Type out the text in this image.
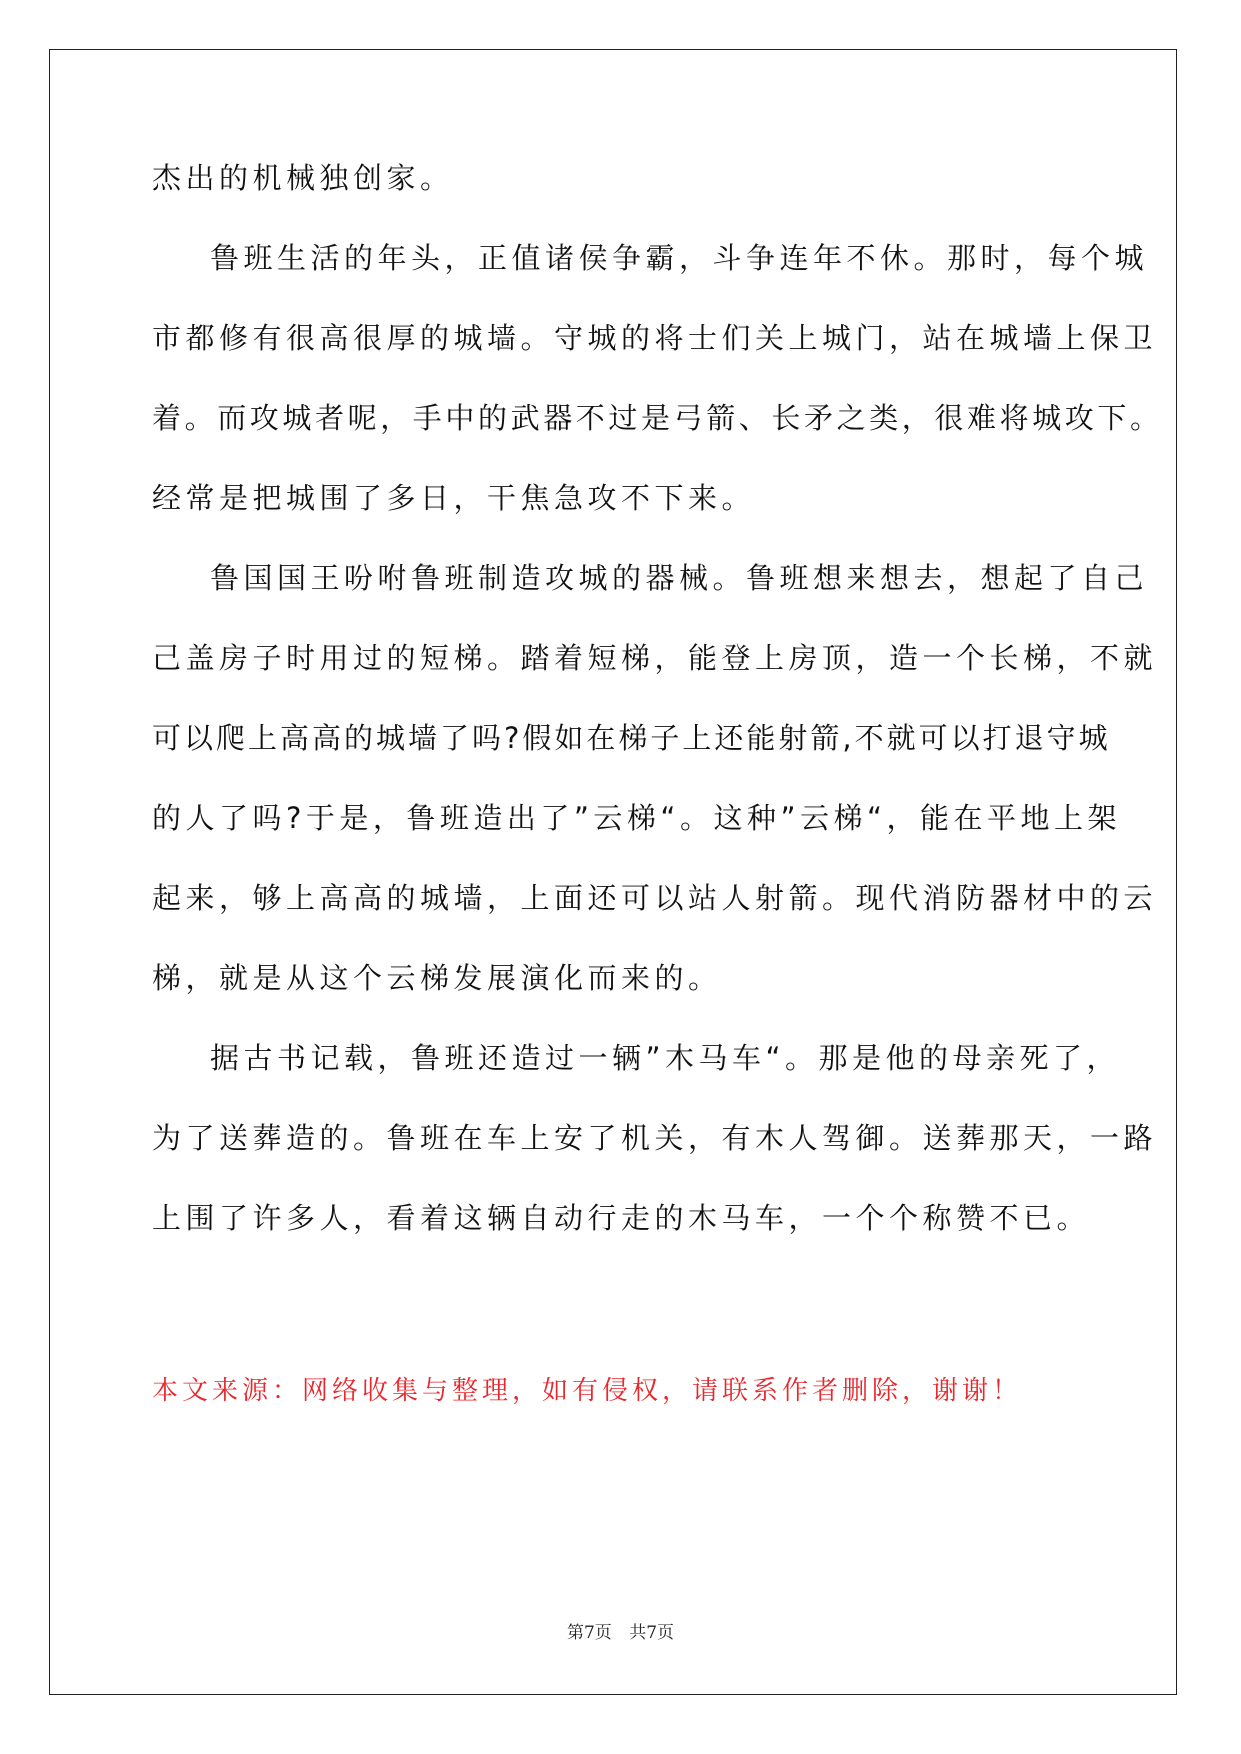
杰出的机械独创家。
鲁班生活的年头，正值诸侯争霸，斗争连年不休。那时，每个城
市都修有很高很厚的城墙。守城的将士们关上城门，站在城墙上保卫
着。而攻城者呢，手中的武器不过是弓箭、长矛之类，很难将城攻下。
经常是把城围了多日，干焦急攻不下来。
鲁国国王吩咐鲁班制造攻城的器械。鲁班想来想去，想起了自己
己盖房子时用过的短梯。踏着短梯，能登上房顶，造一个长梯，不就
可以爬上高高的城墙了吗?假如在梯子上还能射箭,不就可以打退守城
的人了吗?于是，鲁班造出了”云梯“。这种”云梯“，能在平地上架
起来，够上高高的城墙，上面还可以站人射箭。现代消防器材中的云
梯，就是从这个云梯发展演化而来的。
据古书记载，鲁班还造过一辆”木马车“。那是他的母亲死了，
为了送葬造的。鲁班在车上安了机关，有木人驾御。送葬那天，一路
上围了许多人，看着这辆自动行走的木马车，一个个称赞不已。
本文来源：网络收集与整理，如有侵权，请联系作者删除，谢谢！
第7页 共7页
